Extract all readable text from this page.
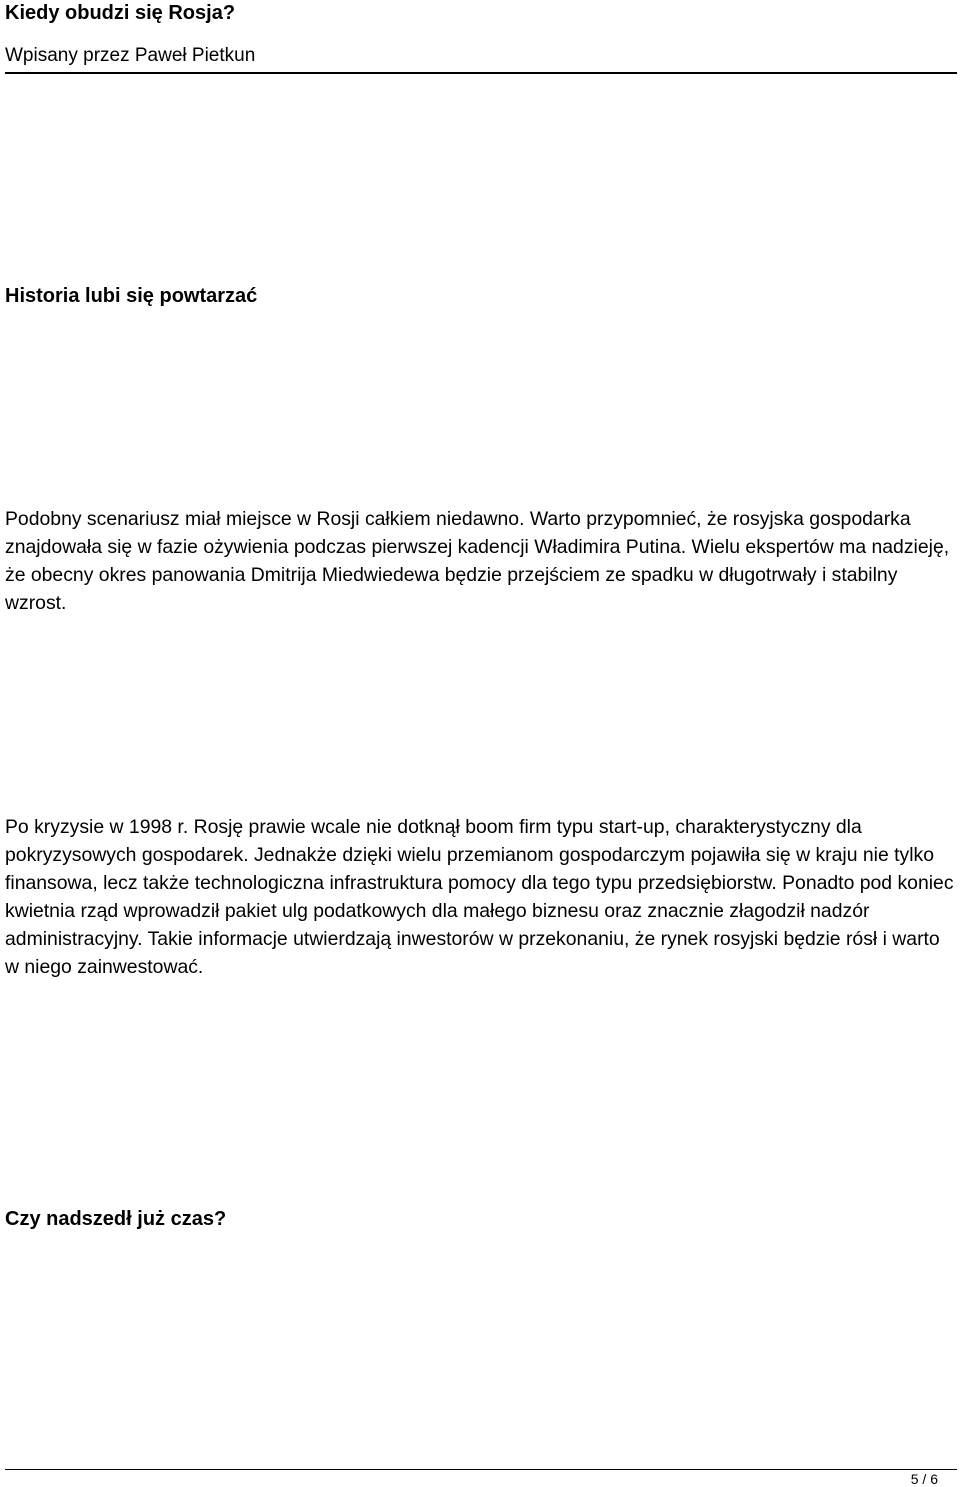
Kiedy obudzi się Rosja?
Wpisany przez Paweł Pietkun
Historia lubi się powtarzać

Podobny scenariusz miał miejsce w Rosji całkiem niedawno. Warto przypomnieć, że rosyjska gospodarka znajdowała się w fazie ożywienia podczas pierwszej kadencji Władimira Putina. Wielu ekspertów ma nadzieję, że obecny okres panowania Dmitrija Miedwiedewa będzie przejściem ze spadku w długotrwały i stabilny wzrost.

Po kryzysie w 1998 r. Rosję prawie wcale nie dotknął boom firm typu start-up, charakterystyczny dla pokryzysowych gospodarek. Jednakże dzięki wielu przemianom gospodarczym pojawiła się w kraju nie tylko finansowa, lecz także technologiczna infrastruktura pomocy dla tego typu przedsiębiorstw. Ponadto pod koniec kwietnia rząd wprowadził pakiet ulg podatkowych dla małego biznesu oraz znacznie złagodził nadzór administracyjny. Takie informacje utwierdzają inwestorów w przekonaniu, że rynek rosyjski będzie rósł i warto w niego zainwestować.

Czy nadszedł już czas?
5 / 6
